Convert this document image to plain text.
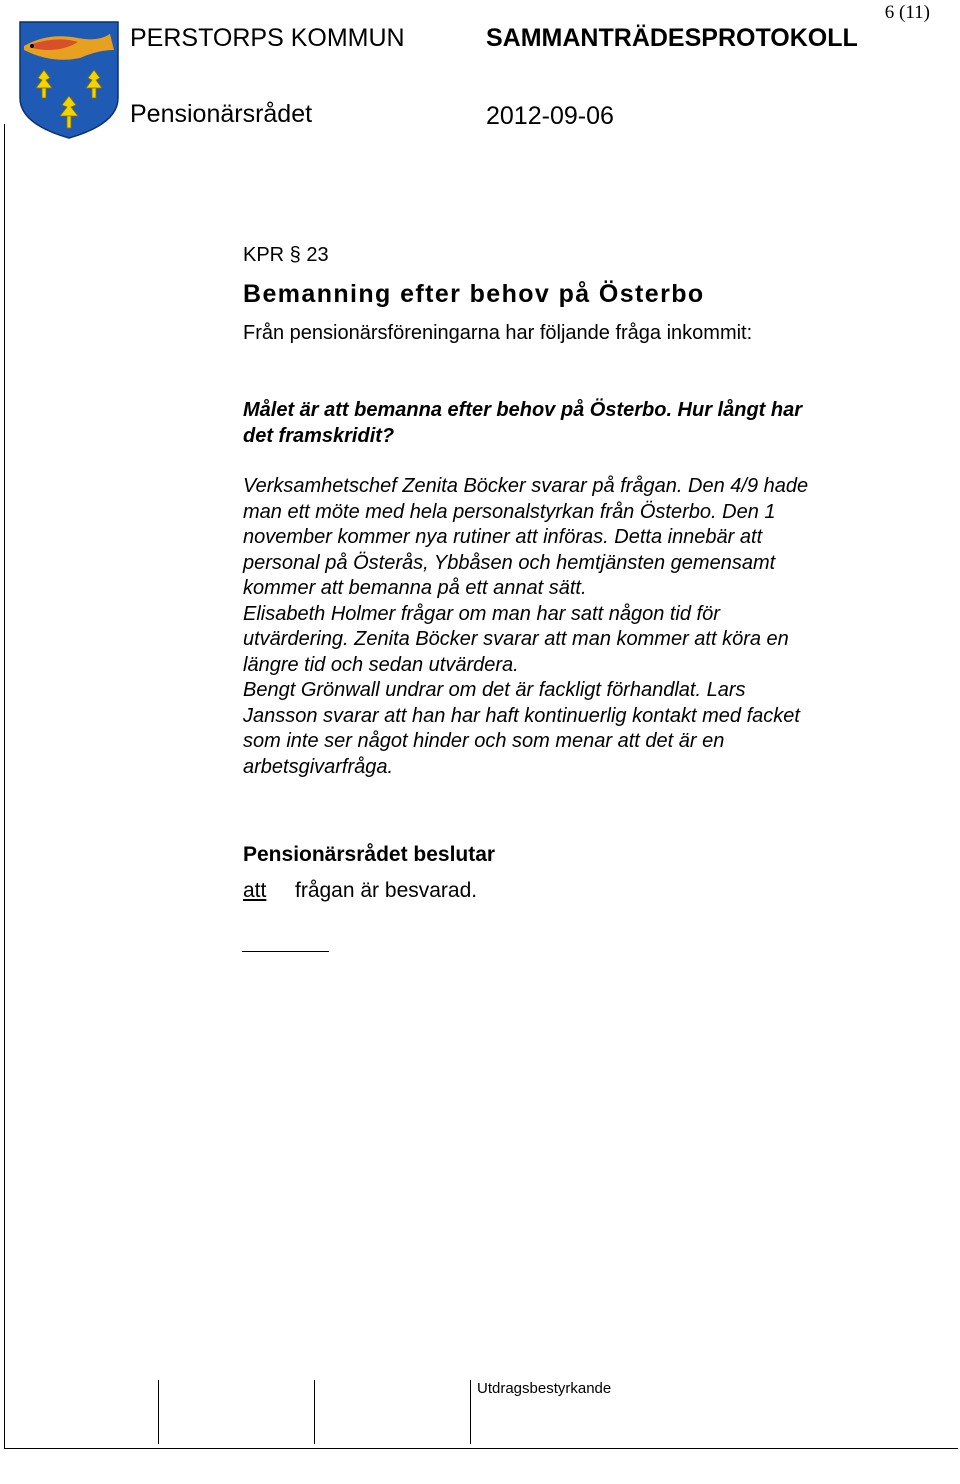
6 (11)
PERSTORPS KOMMUN	SAMMANTRÄDESPROTOKOLL
Pensionärsrådet	2012-09-06
KPR § 23
Bemanning efter behov på Österbo
Från pensionärsföreningarna har följande fråga inkommit:
Målet är att bemanna efter behov på Österbo. Hur långt har det framskridit?

Verksamhetschef Zenita Böcker svarar på frågan. Den 4/9 hade man ett möte med hela personalstyrkan från Österbo. Den 1 november kommer nya rutiner att införas. Detta innebär att personal på Österås, Ybbåsen och hemtjänsten gemensamt kommer att bemanna på ett annat sätt.

Elisabeth Holmer frågar om man har satt någon tid för utvärdering. Zenita Böcker svarar att man kommer att köra en längre tid och sedan utvärdera.

Bengt Grönwall undrar om det är fackligt förhandlat. Lars Jansson svarar att han har haft kontinuerlig kontakt med facket som inte ser något hinder och som menar att det är en arbetsgivarfråga.

Pensionärsrådet beslutar
att frågan är besvarad.
Utdragsbestyrkande
